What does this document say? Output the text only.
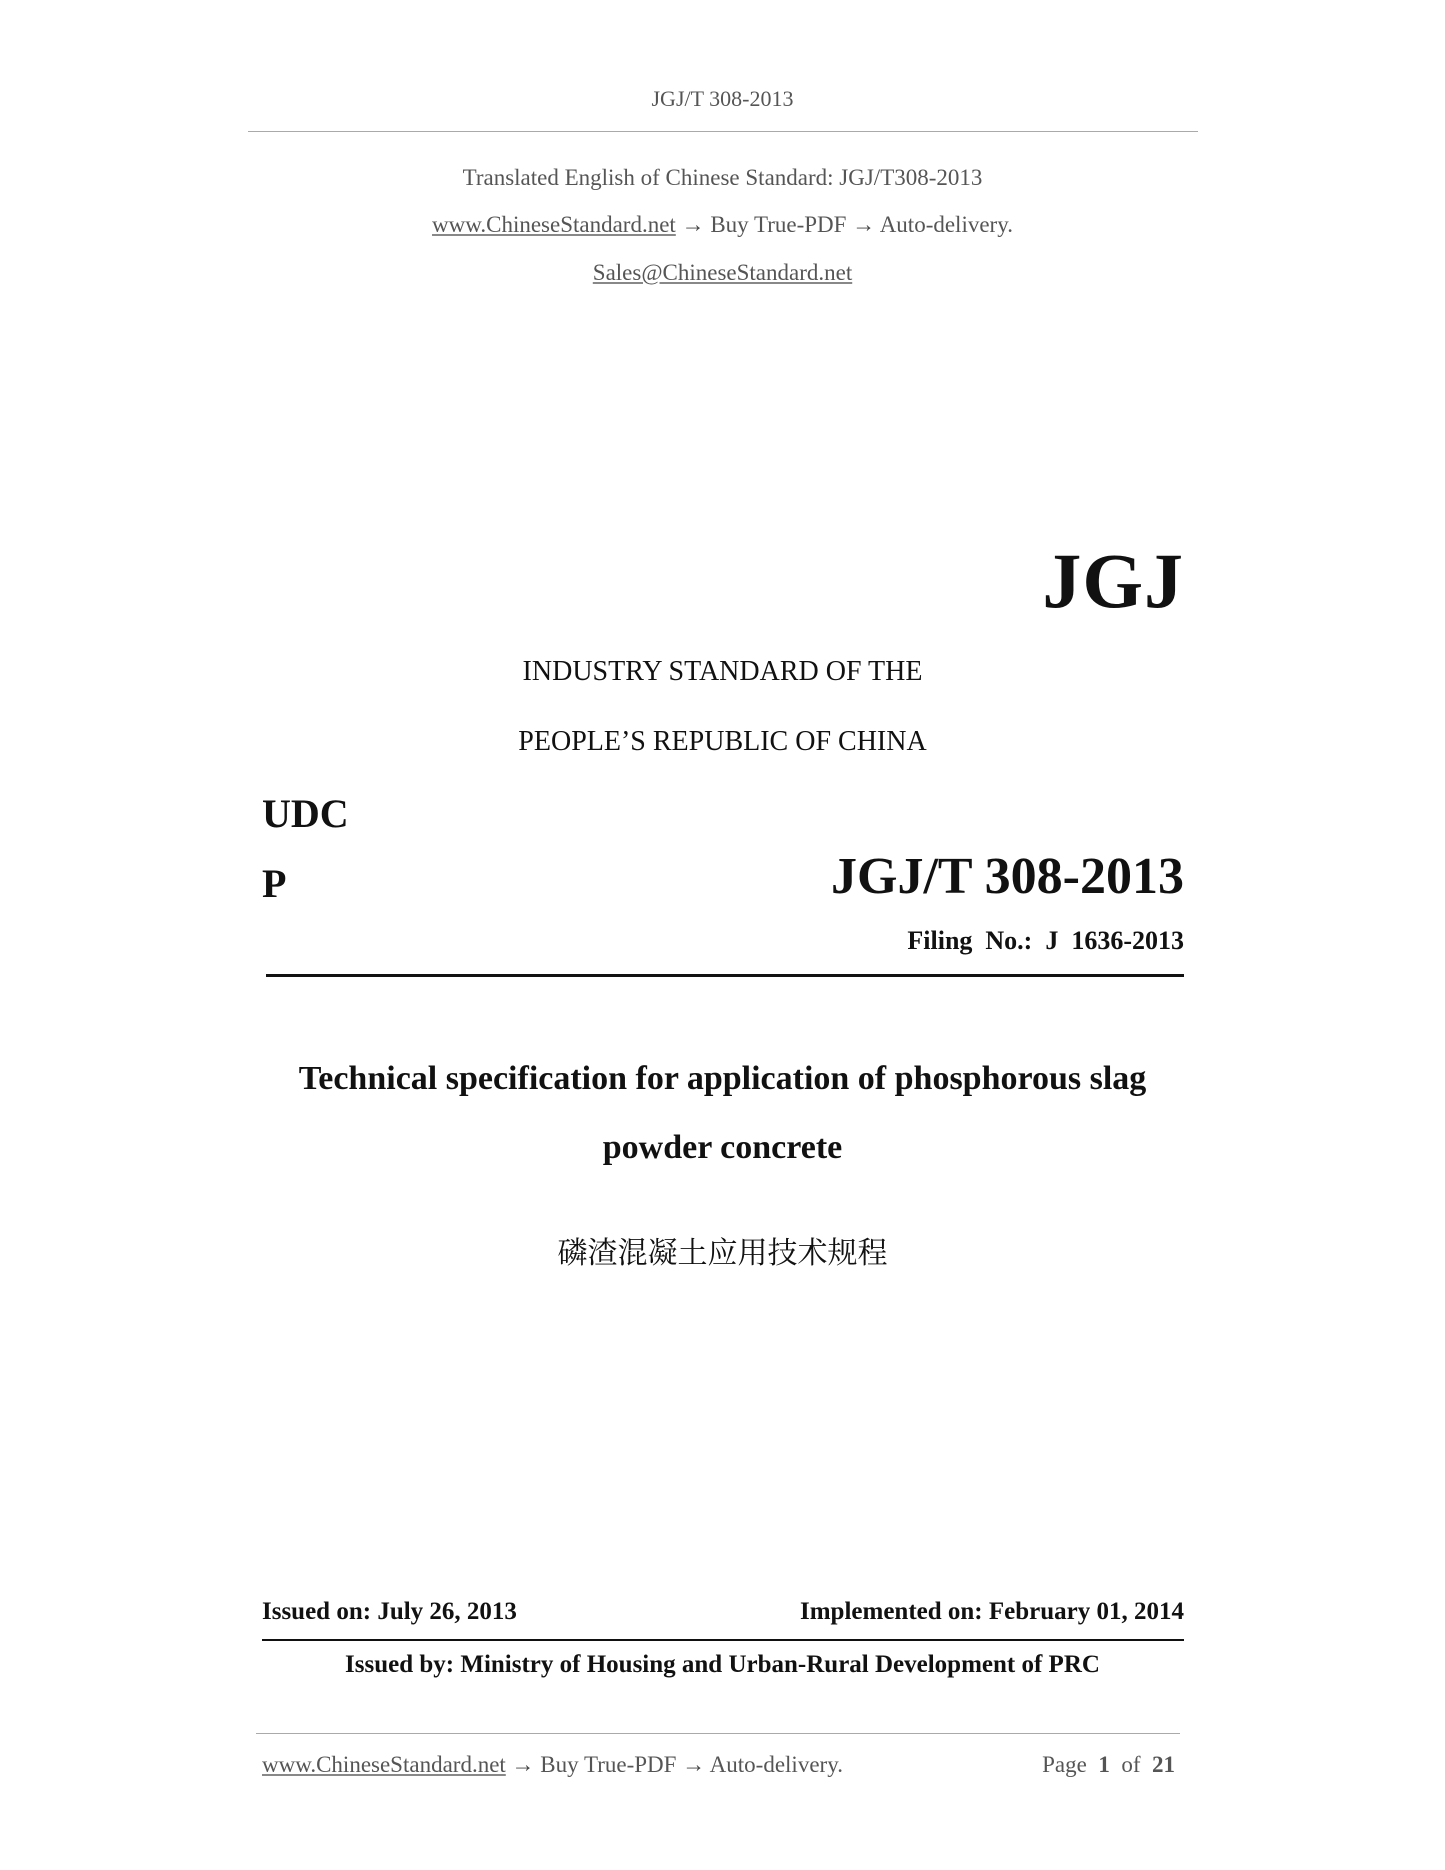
JGJ/T 308-2013
Translated English of Chinese Standard: JGJ/T308-2013
www.ChineseStandard.net → Buy True-PDF → Auto-delivery.
Sales@ChineseStandard.net
JGJ
INDUSTRY STANDARD OF THE
PEOPLE’S REPUBLIC OF CHINA
UDC
P	JGJ/T 308-2013
Filing  No.:  J  1636-2013
Technical specification for application of phosphorous slag
powder concrete
磷渣混凝土应用技术规程
Issued on: July 26, 2013	Implemented on: February 01, 2014
Issued by: Ministry of Housing and Urban-Rural Development of PRC
www.ChineseStandard.net → Buy True-PDF → Auto-delivery.	Page 1 of 21
